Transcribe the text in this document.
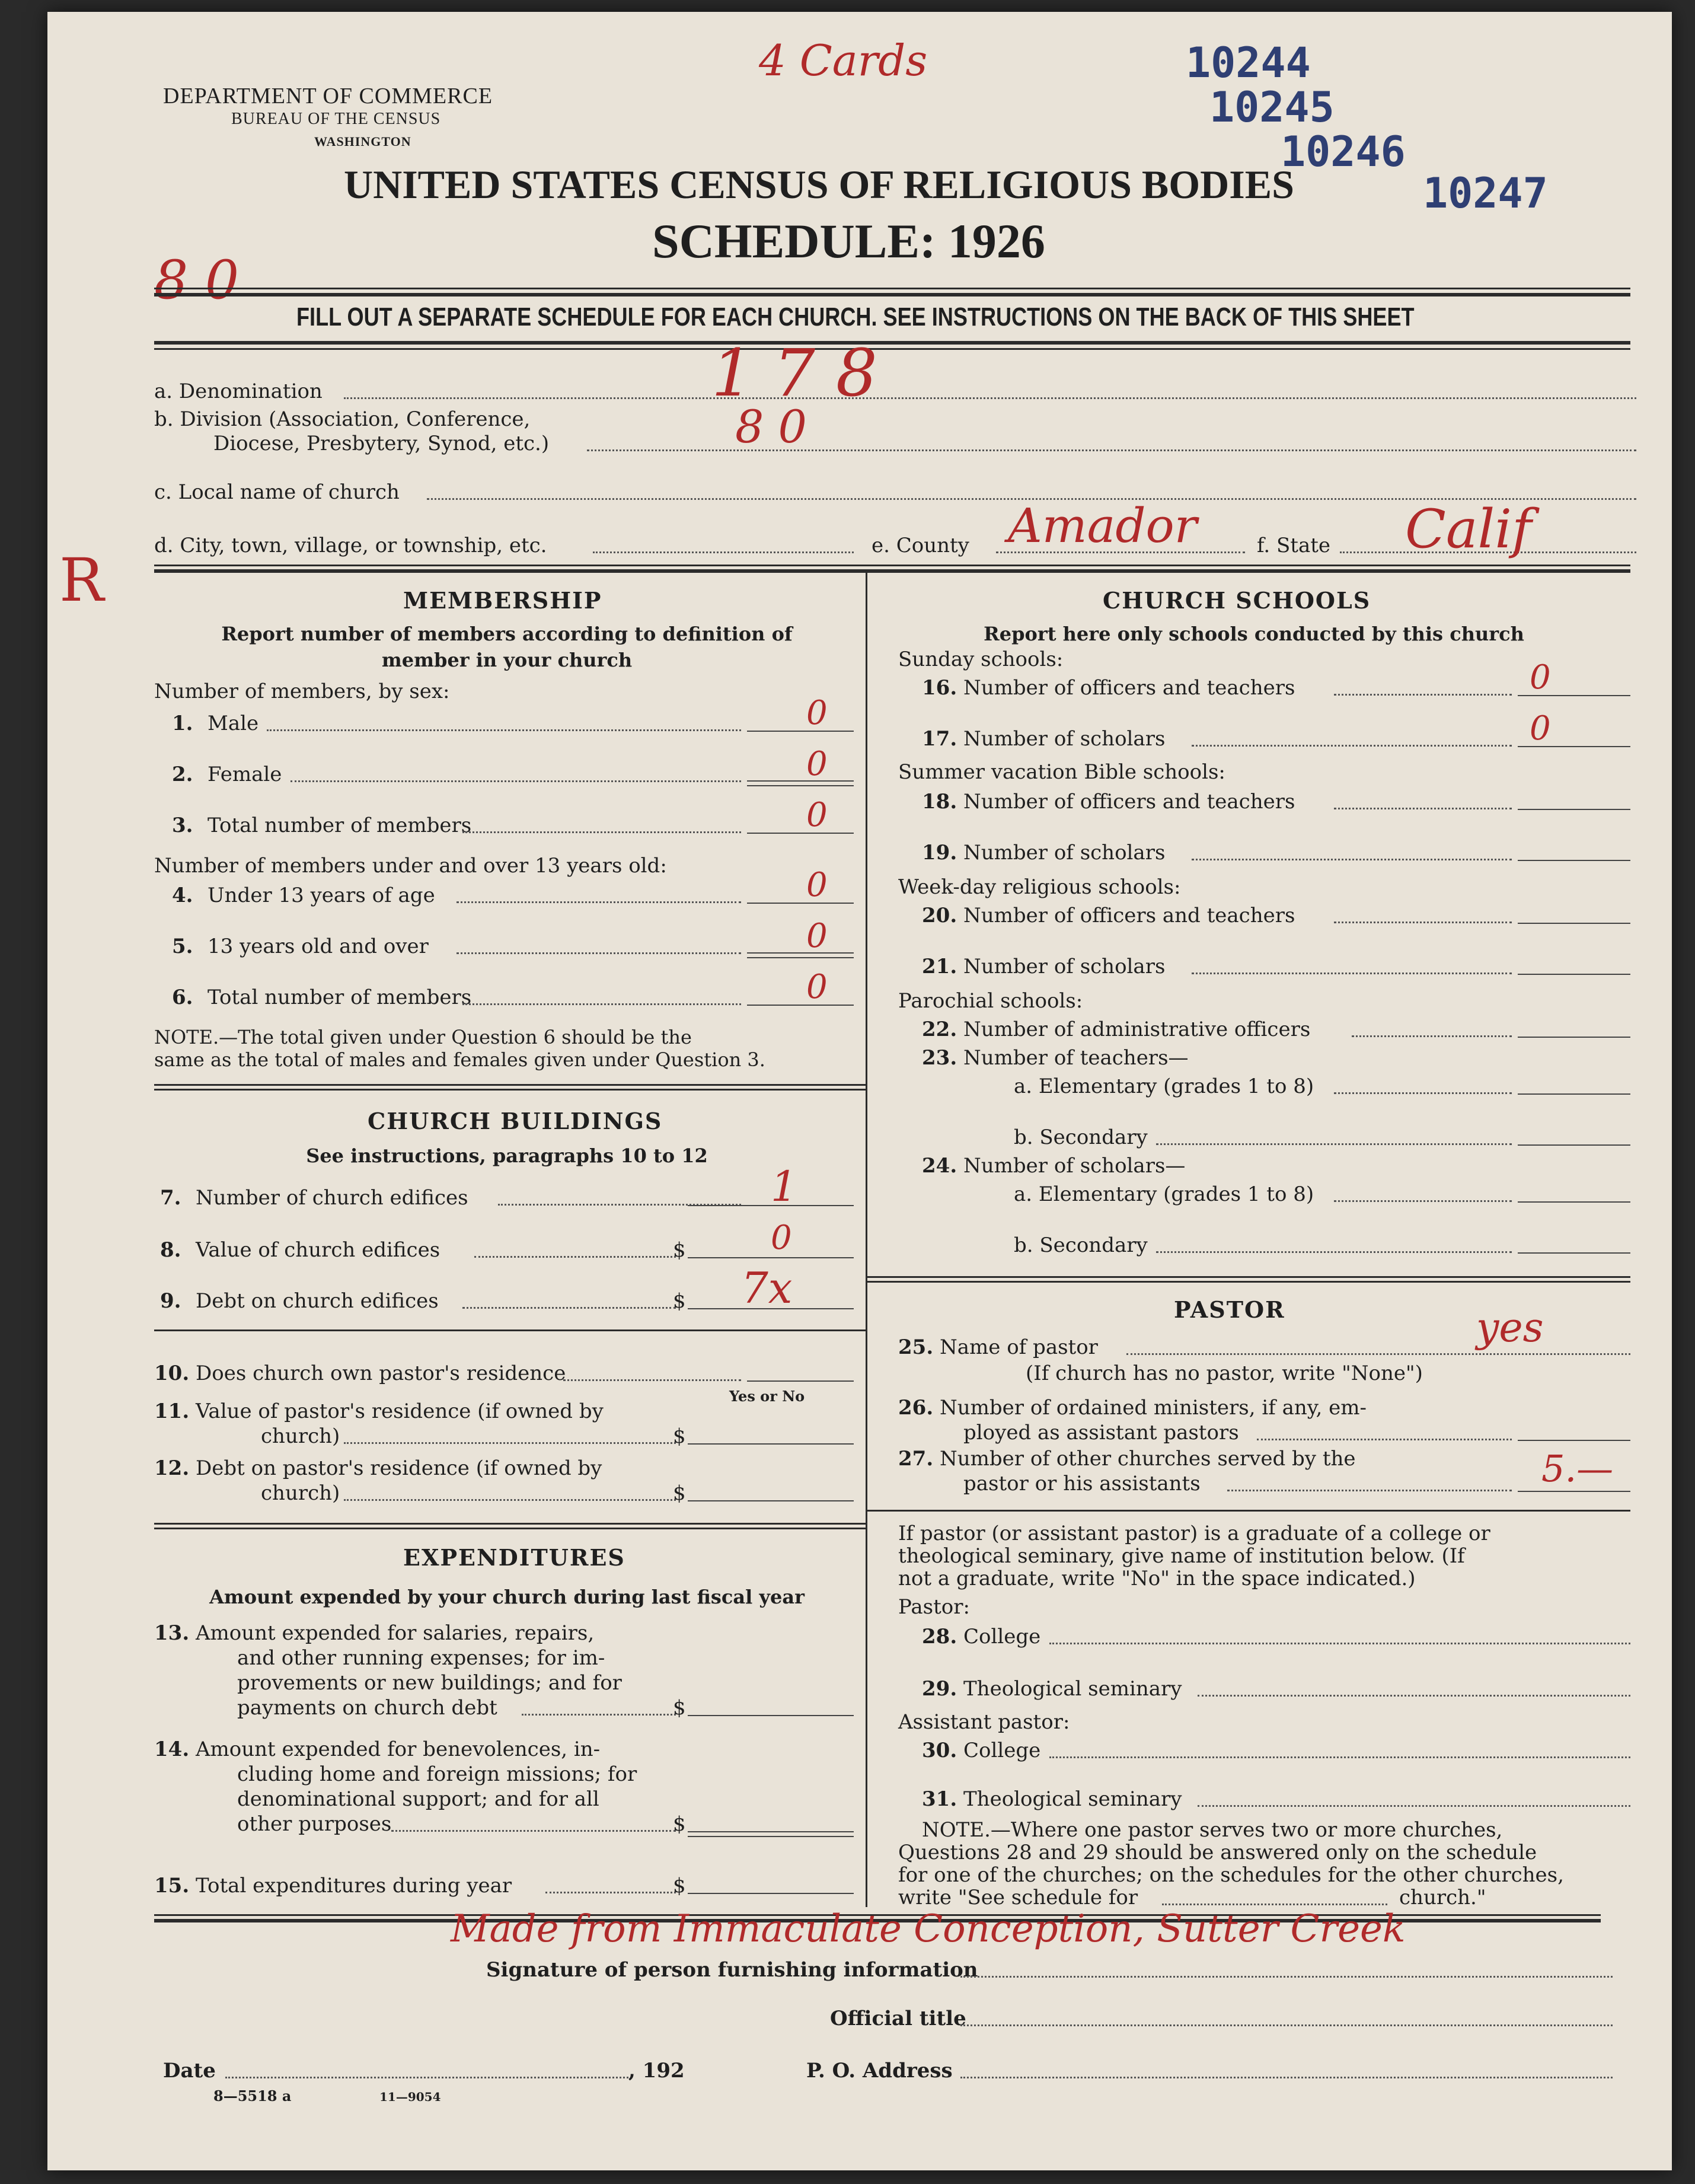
4 Cards	10244
10245
10246
10247
8 0
R
DEPARTMENT OF COMMERCE
BUREAU OF THE CENSUS
WASHINGTON
UNITED STATES CENSUS OF RELIGIOUS BODIES
SCHEDULE: 1926
FILL OUT A SEPARATE SCHEDULE FOR EACH CHURCH. SEE INSTRUCTIONS ON THE BACK OF THIS SHEET
a. Denomination	1 7 8
b. Division (Association, Conference,
Diocese, Presbytery, Synod, etc.)	8 0
c. Local name of church
d. City, town, village, or township, etc.	e. County Amador	f. State Calif
MEMBERSHIP
Report number of members according to definition of
member in your church
Number of members, by sex:
1. Male	0
2. Female	0
3. Total number of members	0
Number of members under and over 13 years old:
4. Under 13 years of age	0
5. 13 years old and over	0
6. Total number of members	0
NOTE.—The total given under Question 6 should be the
same as the total of males and females given under Question 3.
CHURCH BUILDINGS
See instructions, paragraphs 10 to 12
7. Number of church edifices	1
8. Value of church edifices	$	0
9. Debt on church edifices	$ 7x
10. Does church own pastor's residence
Yes or No
11. Value of pastor's residence (if owned by
church)	$
12. Debt on pastor's residence (if owned by
church)	$
EXPENDITURES
Amount expended by your church during last fiscal year
13. Amount expended for salaries, repairs,
and other running expenses; for im-
provements or new buildings; and for
payments on church debt	$
14. Amount expended for benevolences, in-
cluding home and foreign missions; for
denominational support; and for all
other purposes	$
15. Total expenditures during year	$
CHURCH SCHOOLS
Report here only schools conducted by this church
Sunday schools:
16. Number of officers and teachers	0
17. Number of scholars	0
Summer vacation Bible schools:
18. Number of officers and teachers
19. Number of scholars
Week-day religious schools:
20. Number of officers and teachers
21. Number of scholars
Parochial schools:
22. Number of administrative officers
23. Number of teachers—
a. Elementary (grades 1 to 8)
b. Secondary
24. Number of scholars—
a. Elementary (grades 1 to 8)
b. Secondary
PASTOR
25. Name of pastor	yes
(If church has no pastor, write "None")
26. Number of ordained ministers, if any, em-
ployed as assistant pastors
27. Number of other churches served by the
pastor or his assistants	5.—
If pastor (or assistant pastor) is a graduate of a college or
theological seminary, give name of institution below. (If
not a graduate, write "No" in the space indicated.)
Pastor:
28. College
29. Theological seminary
Assistant pastor:
30. College
31. Theological seminary
NOTE.—Where one pastor serves two or more churches,
Questions 28 and 29 should be answered only on the schedule
for one of the churches; on the schedules for the other churches,
write "See schedule for	church."
Made from Immaculate Conception, Sutter Creek
Signature of person furnishing information
Official title
Date	, 192	P. O. Address
8—5518 a	11—9054
